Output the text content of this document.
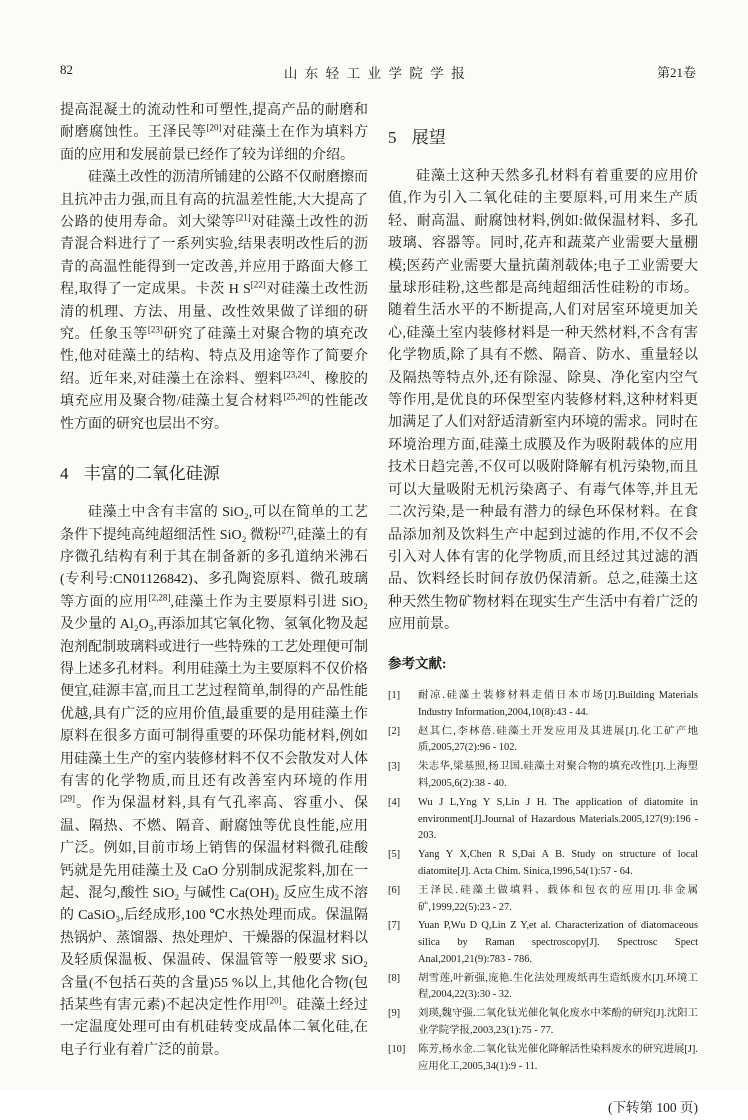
82	山东轻工业学院学报	第21卷

提高混凝土的流动性和可塑性,提高产品的耐磨和耐磨腐蚀性。王泽民等[20]对硅藻土在作为填料方面的应用和发展前景已经作了较为详细的介绍。

硅藻土改性的沥清所铺建的公路不仅耐磨擦而且抗冲击力强,而且有高的抗温差性能,大大提高了公路的使用寿命。刘大梁等[21]对硅藻土改性的沥青混合料进行了一系列实验,结果表明改性后的沥青的高温性能得到一定改善,并应用于路面大修工程,取得了一定成果。卡茨 H S[22]对硅藻土改性沥清的机理、方法、用量、改性效果做了详细的研究。任象玉等[23]研究了硅藻土对聚合物的填充改性,他对硅藻土的结构、特点及用途等作了简要介绍。近年来,对硅藻土在涂料、塑料[23,24]、橡胶的填充应用及聚合物/硅藻土复合材料[25,26]的性能改性方面的研究也层出不穷。

4 丰富的二氧化硅源

硅藻土中含有丰富的 SiO₂,可以在简单的工艺条件下提纯高纯超细活性 SiO₂ 微粉[27],硅藻土的有序微孔结构有利于其在制备新的多孔道纳米沸石(专利号:CN01126842)、多孔陶瓷原料、微孔玻璃等方面的应用[2,28],硅藻土作为主要原料引进 SiO₂ 及少量的 Al₂O₃,再添加其它氧化物、氢氧化物及起泡剂配制玻璃料或进行一些特殊的工艺处理便可制得上述多孔材料。利用硅藻土为主要原料不仅价格便宜,硅源丰富,而且工艺过程简单,制得的产品性能优越,具有广泛的应用价值,最重要的是用硅藻土作原料在很多方面可制得重要的环保功能材料,例如用硅藻土生产的室内装修材料不仅不会散发对人体有害的化学物质,而且还有改善室内环境的作用[29]。作为保温材料,具有气孔率高、容重小、保温、隔热、不燃、隔音、耐腐蚀等优良性能,应用广泛。例如,目前市场上销售的保温材料微孔硅酸钙就是先用硅藻土及 CaO 分别制成泥浆料,加在一起、混匀,酸性 SiO₂ 与碱性 Ca(OH)₂ 反应生成不溶的 CaSiO₃,后经成形,100 ℃水热处理而成。保温隔热锅炉、蒸馏器、热处理炉、干燥器的保温材料以及轻质保温板、保温砖、保温管等一般要求 SiO₂ 含量(不包括石英的含量)55 %以上,其他化合物(包括某些有害元素)不起决定性作用[20]。硅藻土经过一定温度处理可由有机硅转变成晶体二氧化硅,在电子行业有着广泛的前景。

5 展望

硅藻土这种天然多孔材料有着重要的应用价值,作为引入二氧化硅的主要原料,可用来生产质轻、耐高温、耐腐蚀材料,例如:做保温材料、多孔玻璃、容器等。同时,花卉和蔬菜产业需要大量棚模;医药产业需要大量抗菌剂载体;电子工业需要大量球形硅粉,这些都是高纯超细活性硅粉的市场。随着生活水平的不断提高,人们对居室环境更加关心,硅藻土室内装修材料是一种天然材料,不含有害化学物质,除了具有不燃、隔音、防水、重量轻以及隔热等特点外,还有除湿、除臭、净化室内空气等作用,是优良的环保型室内装修材料,这种材料更加满足了人们对舒适清新室内环境的需求。同时在环境治理方面,硅藻土成膜及作为吸附载体的应用技术日趋完善,不仅可以吸附降解有机污染物,而且可以大量吸附无机污染离子、有毒气体等,并且无二次污染,是一种最有潜力的绿色环保材料。在食品添加剂及饮料生产中起到过滤的作用,不仅不会引入对人体有害的化学物质,而且经过其过滤的酒品、饮料经长时间存放仍保清新。总之,硅藻土这种天然生物矿物材料在现实生产生活中有着广泛的应用前景。

参考文献:
[1]	耐凉.硅藻土装修材料走俏日本市场[J].Building Materials Industry Information,2004,10(8):43 - 44.
[2]	赵其仁,李林蓓.硅藻土开发应用及其进展[J].化工矿产地质,2005,27(2):96 - 102.
[3]	朱志华,梁基照,杨卫国.硅藻土对聚合物的填充改性[J].上海塑料,2005,6(2):38 - 40.
[4]	Wu J L,Yng Y S,Lin J H. The application of diatomite in environment[J].Journal of Hazardous Materials.2005,127(9):196 - 203.
[5]	Yang Y X,Chen R S,Dai A B. Study on structure of local diatomite[J]. Acta Chim. Sinica,1996,54(1):57 - 64.
[6]	王泽民.硅藻土做填料、载体和包衣的应用[J].非金属矿,1999,22(5):23 - 27.
[7]	Yuan P,Wu D Q,Lin Z Y,et al. Characterization of diatomaceous silica by Raman spectroscopy[J]. Spectrosc Spect Anal,2001,21(9):783 - 786.
[8]	胡雪莲,叶新强,庞艳.生化法处理废纸再生造纸废水[J].环境工程,2004,22(3):30 - 32.
[9]	刘瑛,魏守强.二氧化钛光催化氧化废水中苯酚的研究[J].沈阳工业学院学报,2003,23(1):75 - 77.
[10]	陈芳,杨水金.二氧化钛光催化降解活性染料废水的研究进展[J].应用化工,2005,34(1):9 - 11.
(下转第 100 页)
